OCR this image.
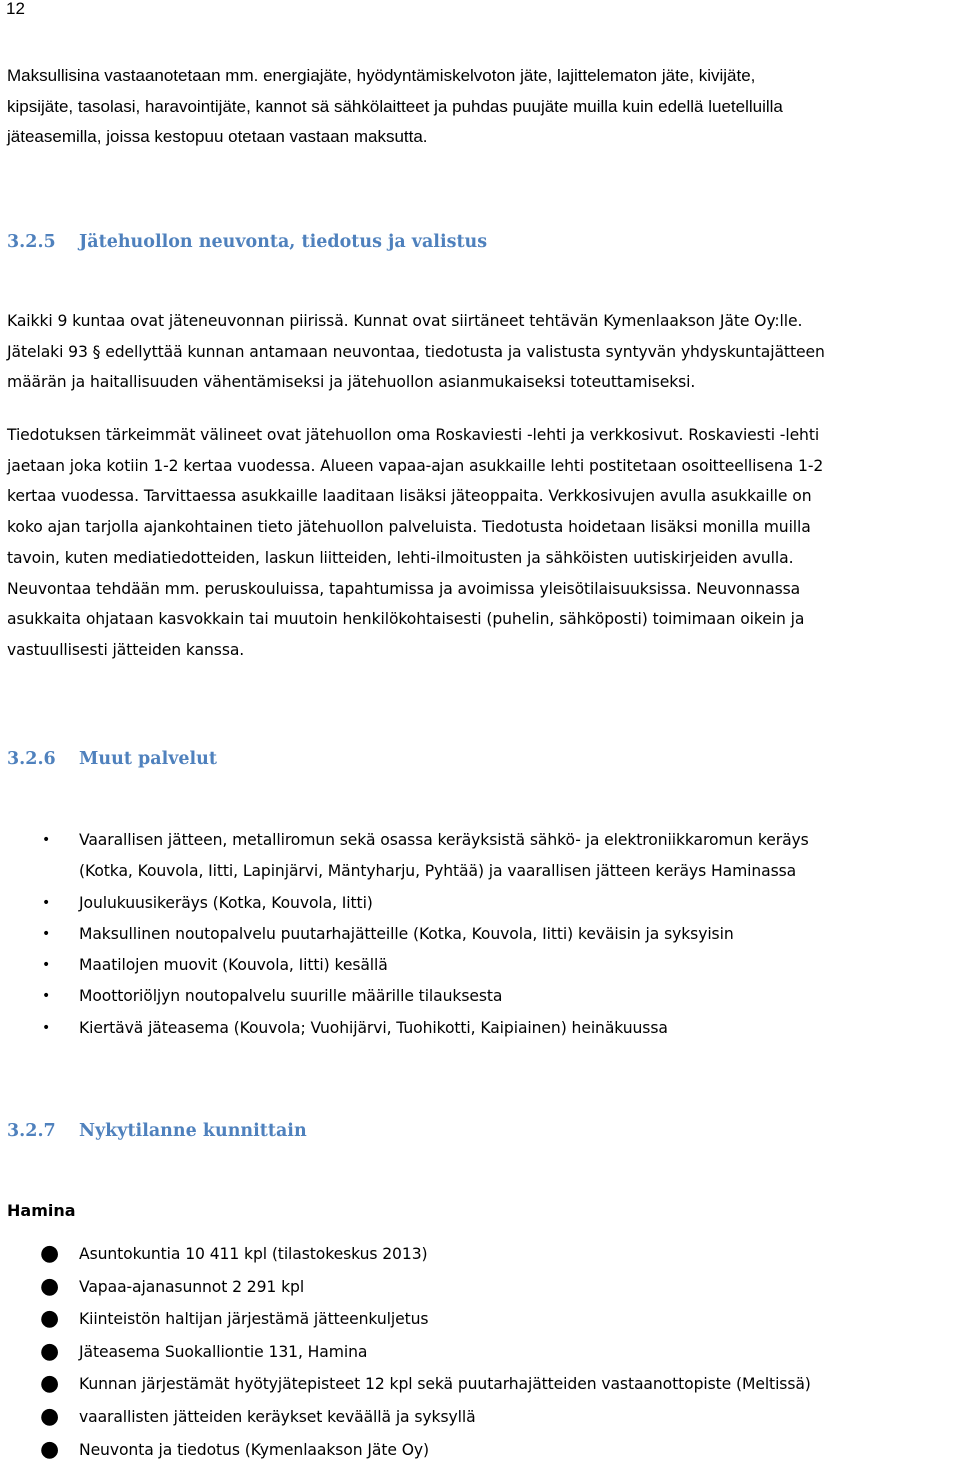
12

Maksullisina vastaanotetaan mm. energiajäte, hyödyntämiskelvoton jäte, lajittelematon jäte, kivijäte,
kipsijäte, tasolasi, haravointijäte, kannot sä sähkölaitteet ja puhdas puujäte muilla kuin edellä luetelluilla
jäteasemilla, joissa kestopuu otetaan vastaan maksutta.

3.2.5 Jätehuollon neuvonta, tiedotus ja valistus

Kaikki 9 kuntaa ovat jäteneuvonnan piirissä. Kunnat ovat siirtäneet tehtävän Kymenlaakson Jäte Oy:lle.
Jätelaki 93 § edellyttää kunnan antamaan neuvontaa, tiedotusta ja valistusta syntyvän yhdyskuntajätteen
määrän ja haitallisuuden vähentämiseksi ja jätehuollon asianmukaiseksi toteuttamiseksi.

Tiedotuksen tärkeimmät välineet ovat jätehuollon oma Roskaviesti -lehti ja verkkosivut. Roskaviesti -lehti
jaetaan joka kotiin 1-2 kertaa vuodessa. Alueen vapaa-ajan asukkaille lehti postitetaan osoitteellisena 1-2
kertaa vuodessa. Tarvittaessa asukkaille laaditaan lisäksi jäteoppaita. Verkkosivujen avulla asukkaille on
koko ajan tarjolla ajankohtainen tieto jätehuollon palveluista. Tiedotusta hoidetaan lisäksi monilla muilla
tavoin, kuten mediatiedotteiden, laskun liitteiden, lehti-ilmoitusten ja sähköisten uutiskirjeiden avulla.
Neuvontaa tehdään mm. peruskouluissa, tapahtumissa ja avoimissa yleisötilaisuuksissa. Neuvonnassa
asukkaita ohjataan kasvokkain tai muutoin henkilökohtaisesti (puhelin, sähköposti) toimimaan oikein ja
vastuullisesti jätteiden kanssa.

3.2.6 Muut palvelut
• Vaarallisen jätteen, metalliromun sekä osassa keräyksistä sähkö- ja elektroniikkaromun keräys
(Kotka, Kouvola, Iitti, Lapinjärvi, Mäntyharju, Pyhtää) ja vaarallisen jätteen keräys Haminassa
• Joulukuusikeräys (Kotka, Kouvola, Iitti)
• Maksullinen noutopalvelu puutarhajätteille (Kotka, Kouvola, Iitti) keväisin ja syksyisin
• Maatilojen muovit (Kouvola, Iitti) kesällä
• Moottoriöljyn noutopalvelu suurille määrille tilauksesta
• Kiertävä jäteasema (Kouvola; Vuohijärvi, Tuohikotti, Kaipiainen) heinäkuussa
3.2.7 Nykytilanne kunnittain
Hamina
● Asuntokuntia 10 411 kpl (tilastokeskus 2013)
● Vapaa-ajanasunnot 2 291 kpl
● Kiinteistön haltijan järjestämä jätteenkuljetus
● Jäteasema Suokalliontie 131, Hamina
● Kunnan järjestämät hyötyjätepisteet 12 kpl sekä puutarhajätteiden vastaanottopiste (Meltissä)
● vaarallisten jätteiden keräykset keväällä ja syksyllä
● Neuvonta ja tiedotus (Kymenlaakson Jäte Oy)
